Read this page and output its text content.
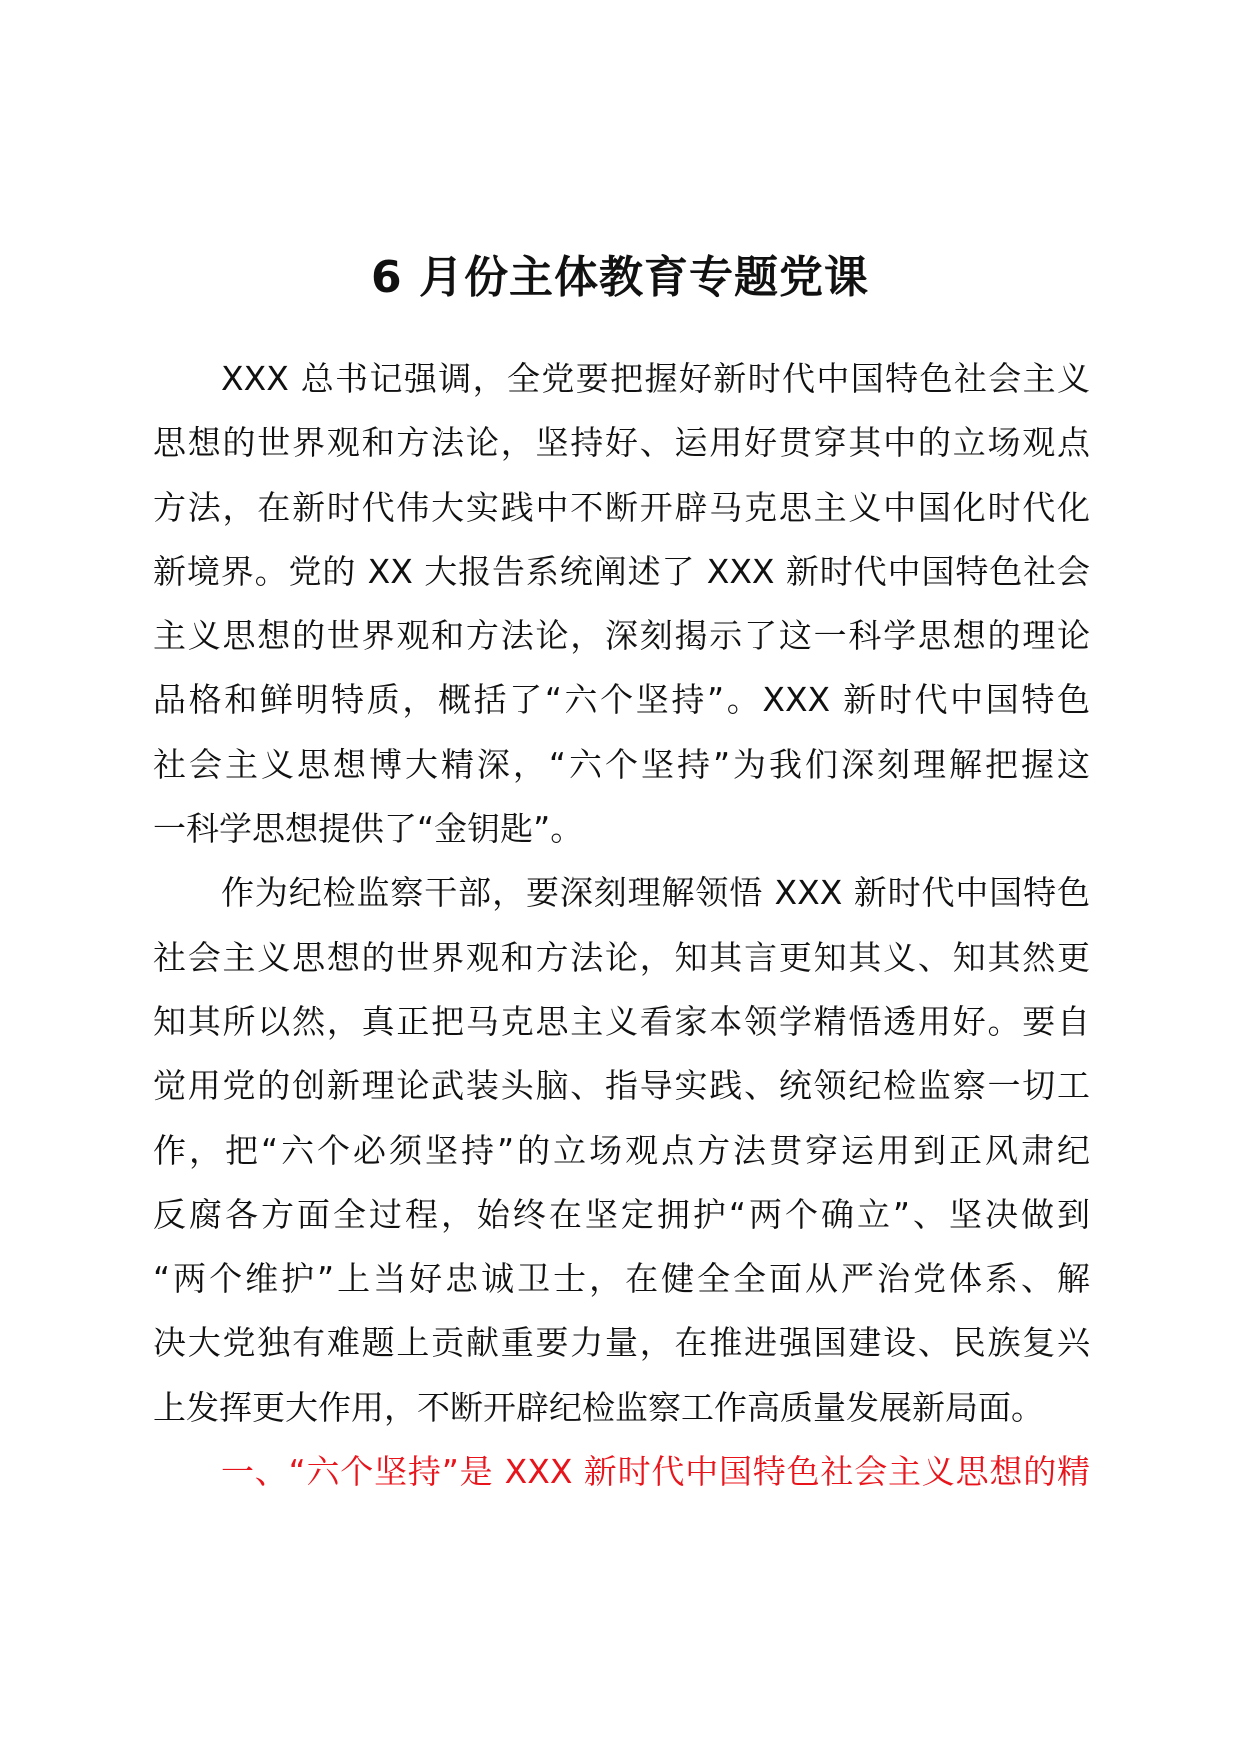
6 月份主体教育专题党课
XXX 总书记强调，全党要把握好新时代中国特色社会主义
思想的世界观和方法论，坚持好、运用好贯穿其中的立场观点
方法，在新时代伟大实践中不断开辟马克思主义中国化时代化
新境界。党的 XX 大报告系统阐述了 XXX 新时代中国特色社会
主义思想的世界观和方法论，深刻揭示了这一科学思想的理论
品格和鲜明特质，概括了“六个坚持”。XXX 新时代中国特色
社会主义思想博大精深，“六个坚持”为我们深刻理解把握这
一科学思想提供了“金钥匙”。
作为纪检监察干部，要深刻理解领悟 XXX 新时代中国特色
社会主义思想的世界观和方法论，知其言更知其义、知其然更
知其所以然，真正把马克思主义看家本领学精悟透用好。要自
觉用党的创新理论武装头脑、指导实践、统领纪检监察一切工
作，把“六个必须坚持”的立场观点方法贯穿运用到正风肃纪
反腐各方面全过程，始终在坚定拥护“两个确立”、坚决做到
“两个维护”上当好忠诚卫士，在健全全面从严治党体系、解
决大党独有难题上贡献重要力量，在推进强国建设、民族复兴
上发挥更大作用，不断开辟纪检监察工作高质量发展新局面。
一、“六个坚持”是 XXX 新时代中国特色社会主义思想的精
